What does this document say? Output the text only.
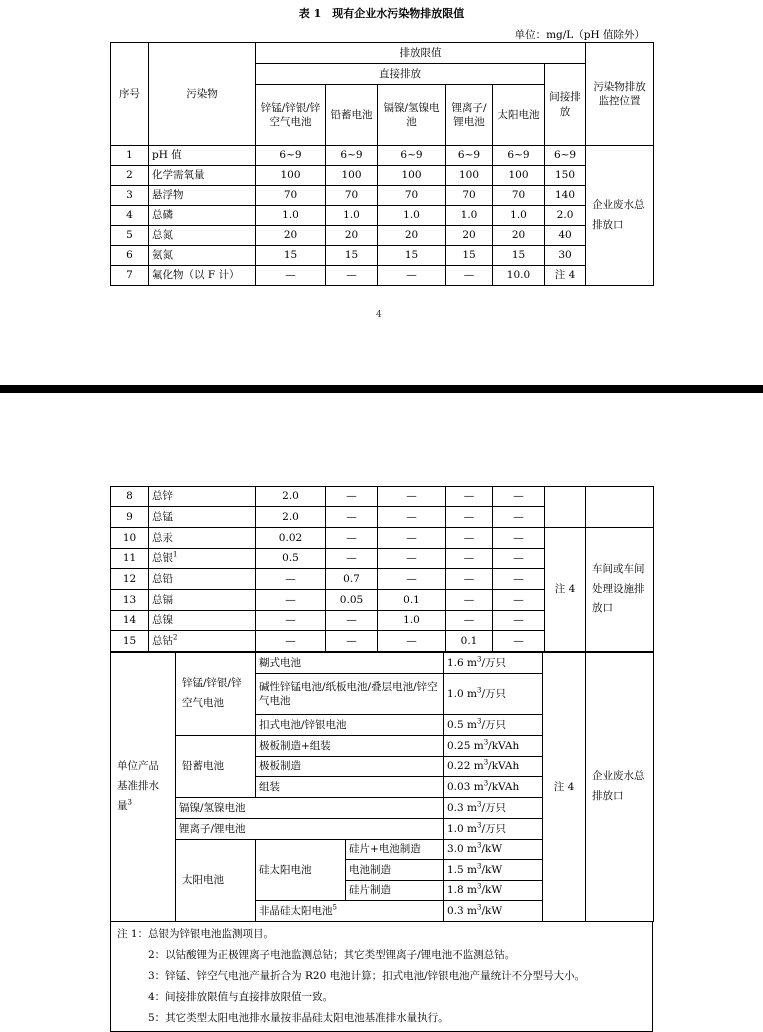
表 1　现有企业水污染物排放限值
单位：mg/L（pH 值除外）
序号	污染物	排放限值						污染物排放监控位置
		直接排放					间接排放	
		锌锰/锌银/锌空气电池	铅蓄电池	镉镍/氢镍电池	锂离子/锂电池	太阳电池		
1	pH 值	6~9	6~9	6~9	6~9	6~9	6~9	企业废水总排放口
2	化学需氧量	100	100	100	100	100	150	
3	悬浮物	70	70	70	70	70	140	
4	总磷	1.0	1.0	1.0	1.0	1.0	2.0	
5	总氮	20	20	20	20	20	40	
6	氨氮	15	15	15	15	15	30	
7	氟化物（以 F 计）	—	—	—	—	10.0	注 4	
4
8	总锌	2.0	—	—	—	—		
9	总锰	2.0	—	—	—	—		
10	总汞	0.02	—	—	—	—	注 4	车间或车间处理设施排放口
11	总银$^1$	0.5	—	—	—	—		
12	总铅	—	0.7	—	—	—		
13	总镉	—	0.05	0.1	—	—		
14	总镍	—	—	1.0	—	—		
15	总钴$^2$	—	—	—	0.1	—		
单位产品基准排水量$^3$	锌锰/锌银/锌空气电池	糊式电池		1.6 $m^3/$万只	注 4	企业废水总排放口
		碱性锌锰电池/纸板电池/叠层电池/锌空气电池		1.0 $m^3/$万只		
		扣式电池/锌银电池		0.5 $m^3/$万只		
	铅蓄电池	极板制造+组装		0.25 $m^3$/kVAh		
		极板制造		0.22 $m^3$/kVAh		
		组装		0.03 $m^3$/kVAh		
	镉镍/氢镍电池			0.3 $m^3/$万只		
	锂离子/锂电池			1.0 $m^3/$万只		
	太阳电池	硅太阳电池	硅片+电池制造	3.0 $m^3/kW$		
			电池制造	1.5 $m^3/kW$		
			硅片制造	1.8 $m^3/kW$		
		非晶硅太阳电池$^5$		0.3 $m^3/kW$		
注 1：总银为锌银电池监测项目。
2：以钴酸锂为正极锂离子电池监测总钴；其它类型锂离子/锂电池不监测总钴。
3：锌锰、锌空气电池产量折合为 R20 电池计算；扣式电池/锌银电池产量统计不分型号大小。
4：间接排放限值与直接排放限值一致。
5：其它类型太阳电池排水量按非晶硅太阳电池基准排水量执行。
